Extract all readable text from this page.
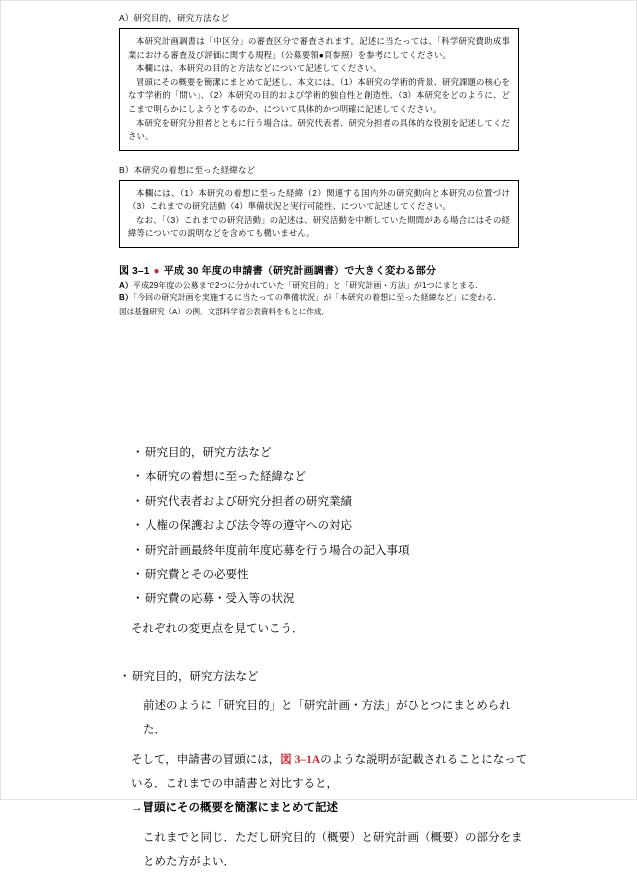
A）研究目的，研究方法など

本研究計画調書は「中区分」の審査区分で審査されます。記述に当たっては、「科学研究費助成事業における審査及び評価に関する規程」（公募要領●頁参照）を参考にしてください。

本欄には、本研究の目的と方法などについて記述してください。

冒頭にその概要を簡潔にまとめて記述し、本文には、（1）本研究の学術的背景、研究課題の核心をなす学術的「問い」、（2）本研究の目的および学術的独自性と創造性、（3）本研究をどのように、どこまで明らかにしようとするのか、について具体的かつ明確に記述してください。

本研究を研究分担者とともに行う場合は、研究代表者、研究分担者の具体的な役割を記述してください。

B）本研究の着想に至った経緯など

本欄には、（1）本研究の着想に至った経緯（2）関連する国内外の研究動向と本研究の位置づけ（3）これまでの研究活動（4）準備状況と実行可能性、について記述してください。

なお、「（3）これまでの研究活動」の記述は、研究活動を中断していた期間がある場合にはその経緯等についての説明などを含めても構いません。

図 3–1 ● 平成 30 年度の申請書（研究計画調書）で大きく変わる部分
A）平成29年度の公募まで2つに分かれていた「研究目的」と「研究計画・方法」が1つにまとまる．
B）「今回の研究計画を実施するに当たっての準備状況」が「本研究の着想に至った経緯など」に変わる．
図は基盤研究（A）の例．文部科学省公表資料をもとに作成．
・ 研究目的，研究方法など
・ 本研究の着想に至った経緯など
・ 研究代表者および研究分担者の研究業績
・ 人権の保護および法令等の遵守への対応
・ 研究計画最終年度前年度応募を行う場合の記入事項
・ 研究費とその必要性
・ 研究費の応募・受入等の状況

それぞれの変更点を見ていこう．

・ 研究目的，研究方法など

前述のように「研究目的」と「研究計画・方法」がひとつにまとめられた．

そして，申請書の冒頭には，図 3–1Aのような説明が記載されることになっている．これまでの申請書と対比すると，

→冒頭にその概要を簡潔にまとめて記述

これまでと同じ．ただし研究目的（概要）と研究計画（概要）の部分をまとめた方がよい．
